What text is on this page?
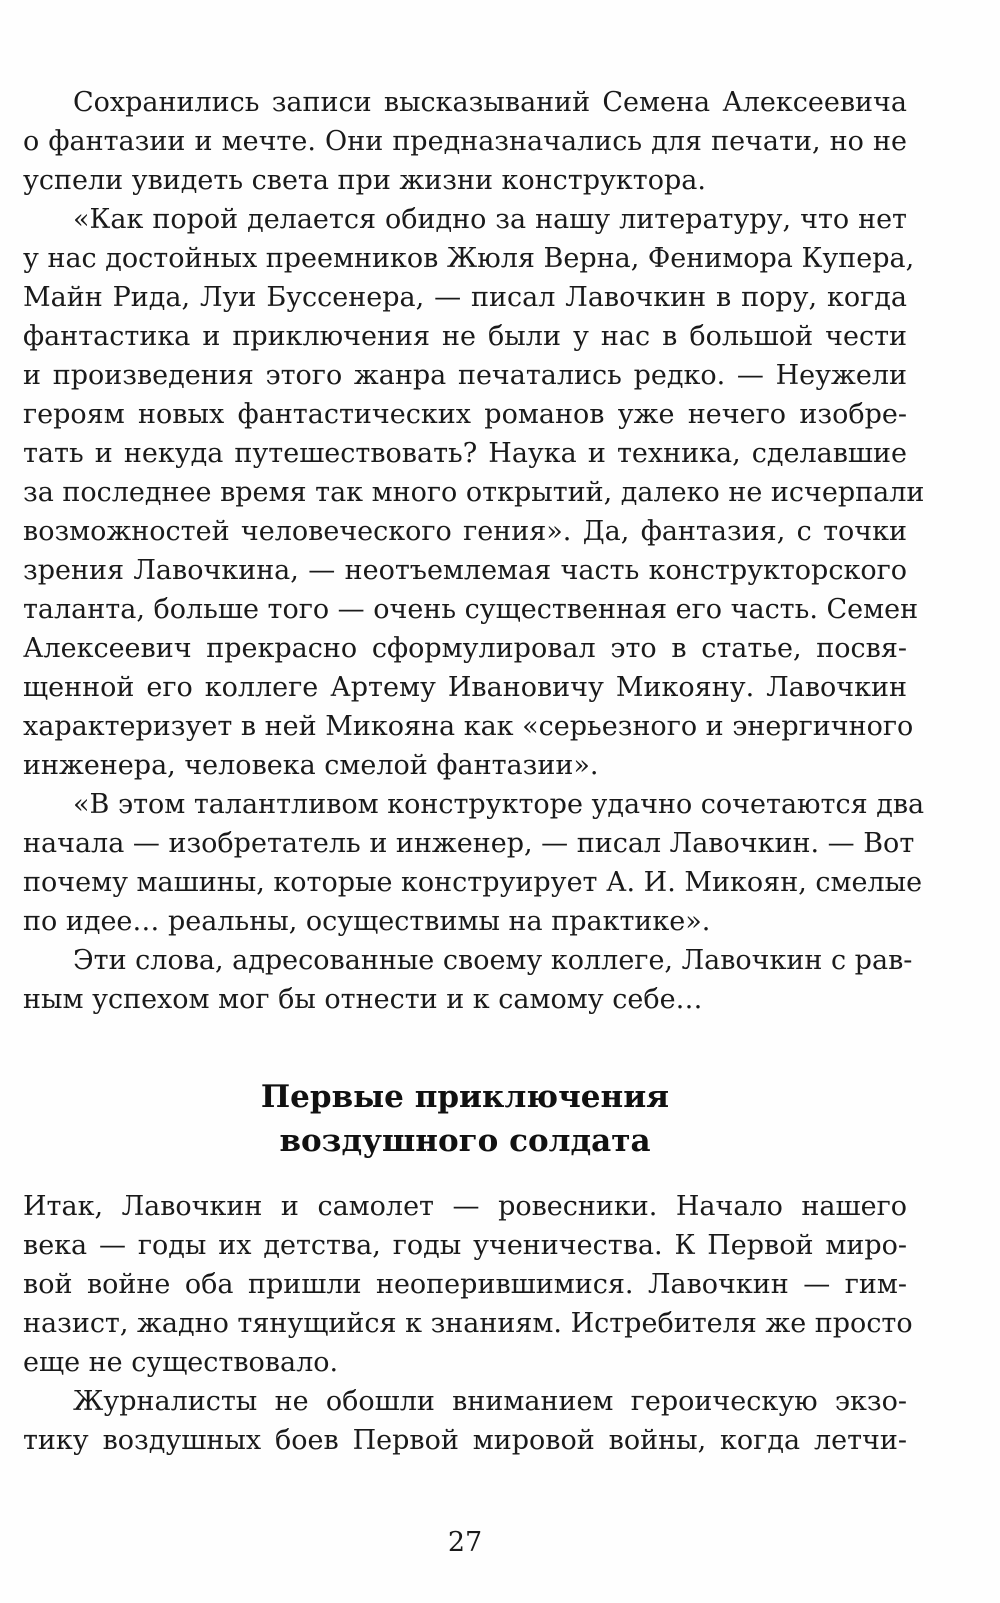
Сохранились записи высказываний Семена Алексеевича
о фантазии и мечте. Они предназначались для печати, но не
успели увидеть света при жизни конструктора.
«Как порой делается обидно за нашу литературу, что нет
у нас достойных преемников Жюля Верна, Фенимора Купера,
Майн Рида, Луи Буссенера, — писал Лавочкин в пору, когда
фантастика и приключения не были у нас в большой чести
и произведения этого жанра печатались редко. — Неужели
героям новых фантастических романов уже нечего изобре-
тать и некуда путешествовать? Наука и техника, сделавшие
за последнее время так много открытий, далеко не исчерпали
возможностей человеческого гения». Да, фантазия, с точки
зрения Лавочкина, — неотъемлемая часть конструкторского
таланта, больше того — очень существенная его часть. Семен
Алексеевич прекрасно сформулировал это в статье, посвя-
щенной его коллеге Артему Ивановичу Микояну. Лавочкин
характеризует в ней Микояна как «серьезного и энергичного
инженера, человека смелой фантазии».
«В этом талантливом конструкторе удачно сочетаются два
начала — изобретатель и инженер, — писал Лавочкин. — Вот
почему машины, которые конструирует А. И. Микоян, смелые
по идее… реальны, осуществимы на практике».
Эти слова, адресованные своему коллеге, Лавочкин с рав-
ным успехом мог бы отнести и к самому себе…
Первые приключения
воздушного солдата
Итак, Лавочкин и самолет — ровесники. Начало нашего
века — годы их детства, годы ученичества. К Первой миро-
вой войне оба пришли неоперившимися. Лавочкин — гим-
назист, жадно тянущийся к знаниям. Истребителя же просто
еще не существовало.
Журналисты не обошли вниманием героическую экзо-
тику воздушных боев Первой мировой войны, когда летчи-
27
